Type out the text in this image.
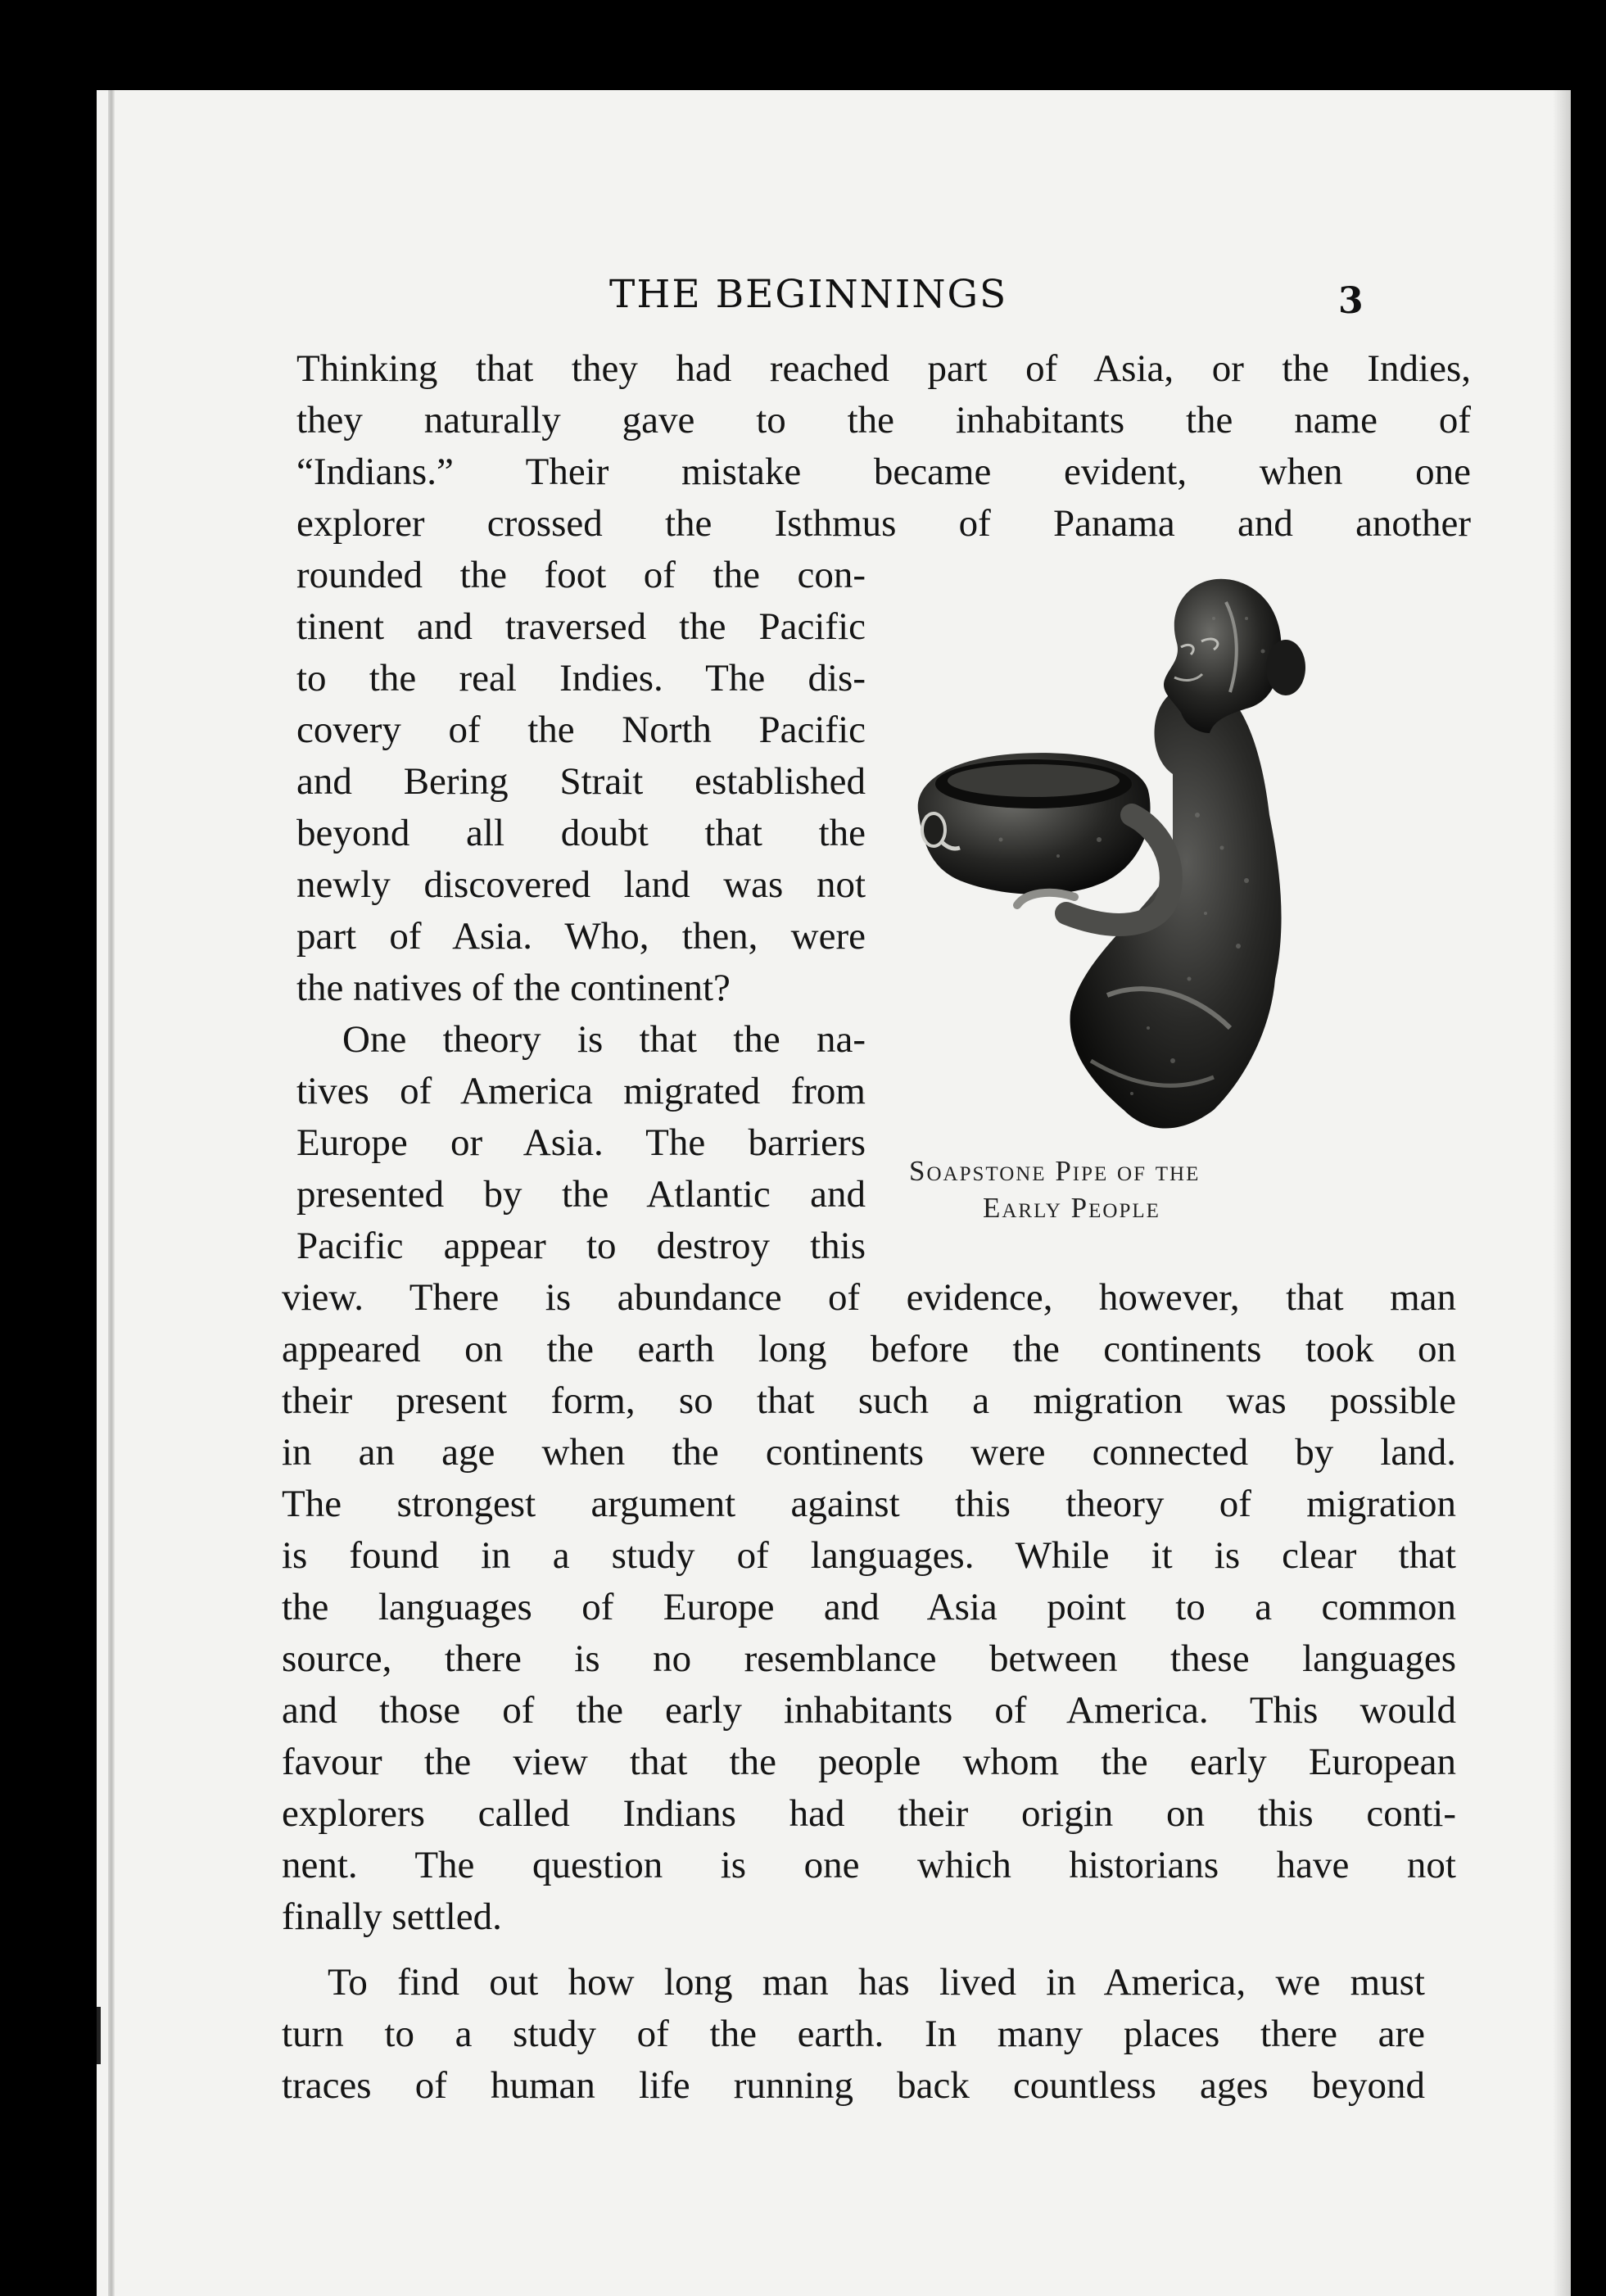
THE BEGINNINGS	3
Thinking that they had reached part of Asia, or the Indies,
they naturally gave to the inhabitants the name of
“Indians.” Their mistake became evident, when one
explorer crossed the Isthmus of Panama and another
rounded the foot of the con-
tinent and traversed the Pacific
to the real Indies. The dis-
covery of the North Pacific
and Bering Strait established
beyond all doubt that the
newly discovered land was not
part of Asia. Who, then, were
the natives of the continent?
One theory is that the na-
tives of America migrated from
Europe or Asia. The barriers
presented by the Atlantic and
Pacific appear to destroy this
view. There is abundance of evidence, however, that man
appeared on the earth long before the continents took on
their present form, so that such a migration was possible
in an age when the continents were connected by land.
The strongest argument against this theory of migration
is found in a study of languages. While it is clear that
the languages of Europe and Asia point to a common
source, there is no resemblance between these languages
and those of the early inhabitants of America. This would
favour the view that the people whom the early European
explorers called Indians had their origin on this conti-
nent. The question is one which historians have not
finally settled.
To find out how long man has lived in America, we must
turn to a study of the earth. In many places there are
traces of human life running back countless ages beyond
Soapstone Pipe of the
Early People
